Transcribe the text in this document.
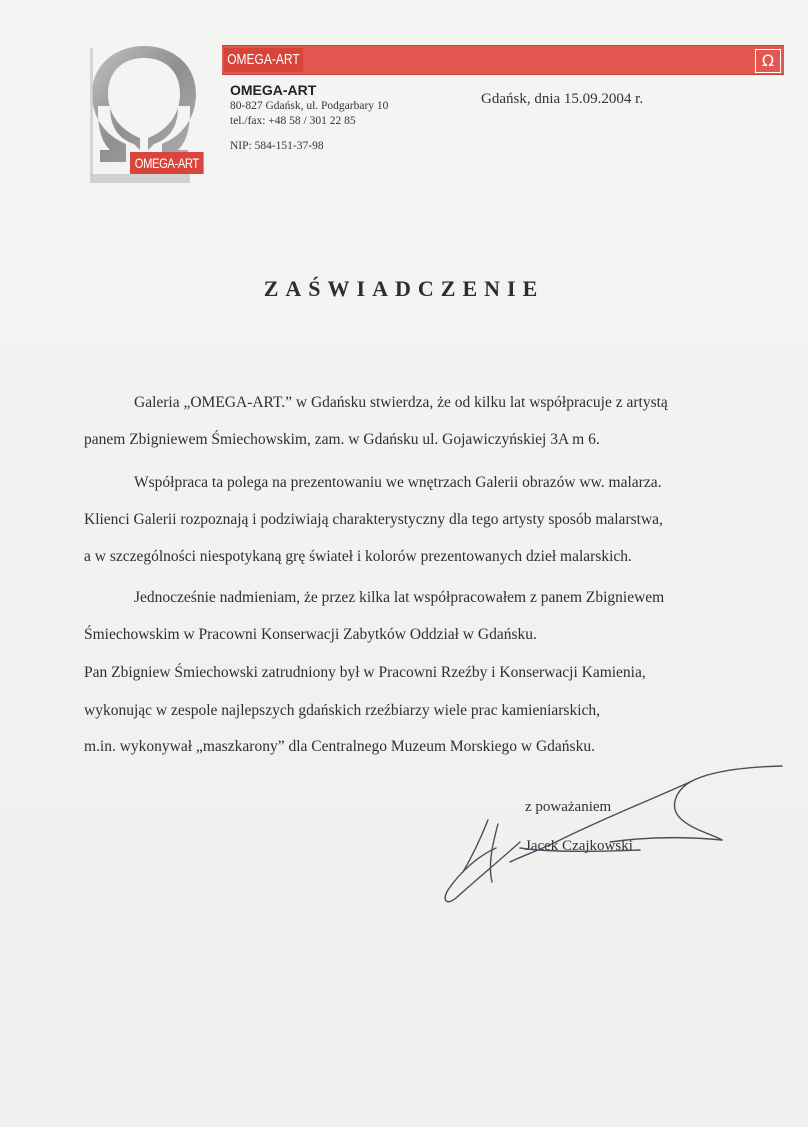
OMEGA-ART
OMEGA-ART	Ω
OMEGA-ART
80-827 Gdańsk, ul. Podgarbary 10
tel./fax: +48 58 / 301 22 85
NIP: 584-151-37-98
Gdańsk, dnia 15.09.2004 r.
ZAŚWIADCZENIE
Galeria „OMEGA-ART.” w Gdańsku stwierdza, że od kilku lat współpracuje z artystą
panem Zbigniewem Śmiechowskim, zam. w Gdańsku ul. Gojawiczyńskiej 3A m 6.
Współpraca ta polega na prezentowaniu we wnętrzach Galerii obrazów ww. malarza.
Klienci Galerii rozpoznają i podziwiają charakterystyczny dla tego artysty sposób malarstwa,
a w szczególności niespotykaną grę świateł i kolorów prezentowanych dzieł malarskich.
Jednocześnie nadmieniam, że przez kilka lat współpracowałem z panem Zbigniewem
Śmiechowskim w Pracowni Konserwacji Zabytków Oddział w Gdańsku.
Pan Zbigniew Śmiechowski zatrudniony był w Pracowni Rzeźby i Konserwacji Kamienia,
wykonując w zespole najlepszych gdańskich rzeźbiarzy wiele prac kamieniarskich,
m.in. wykonywał „maszkarony” dla Centralnego Muzeum Morskiego w Gdańsku.
z poważaniem
Jacek Czajkowski
